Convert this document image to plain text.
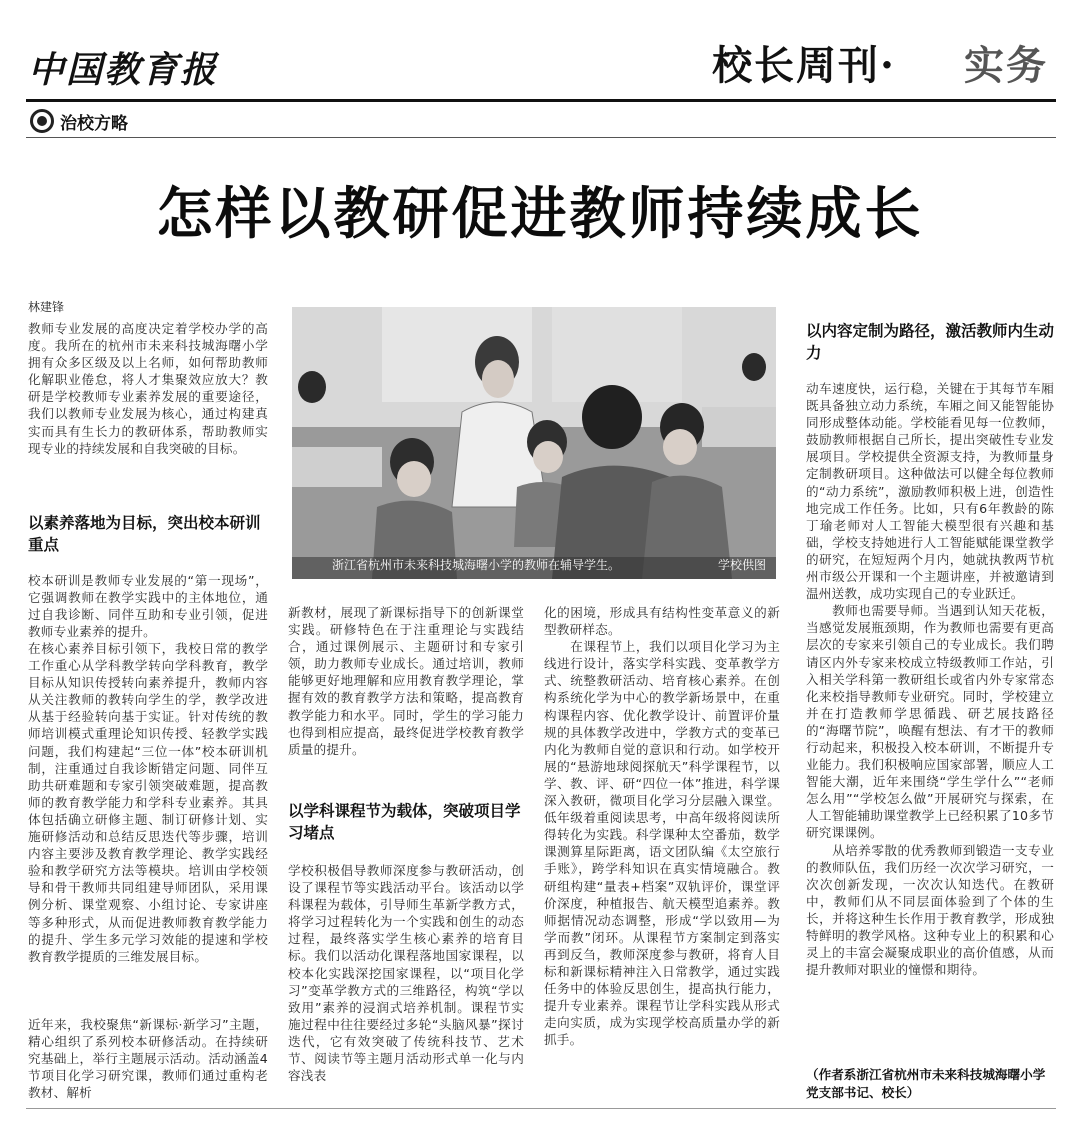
中国教育报	校长周刊· 实务
治校方略
怎样以教研促进教师持续成长
林建锋
浙江省杭州市未来科技城海曙小学的教师在辅导学生。	学校供图
教师专业发展的高度决定着学校办学的高度。我所在的杭州市未来科技城海曙小学拥有众多区级及以上名师，如何帮助教师化解职业倦怠，将人才集聚效应放大？教研是学校教师专业素养发展的重要途径，我们以教师专业发展为核心，通过构建真实而具有生长力的教研体系，帮助教师实现专业的持续发展和自我突破的目标。
以素养落地为目标，突出校本研训重点
校本研训是教师专业发展的“第一现场”，它强调教师在教学实践中的主体地位，通过自我诊断、同伴互助和专业引领，促进教师专业素养的提升。
在核心素养目标引领下，我校日常的教学工作重心从学科教学转向学科教育，教学目标从知识传授转向素养提升，教师内容从关注教师的教转向学生的学，教学改进从基于经验转向基于实证。针对传统的教师培训模式重理论知识传授、轻教学实践问题，我们构建起“三位一体”校本研训机制，注重通过自我诊断错定问题、同伴互助共研难题和专家引领突破难题，提高教师的教育教学能力和学科专业素养。其具体包括确立研修主题、制订研修计划、实施研修活动和总结反思迭代等步骤，培训内容主要涉及教育教学理论、教学实践经验和教学研究方法等模块。培训由学校领导和骨干教师共同组建导师团队，采用课例分析、课堂观察、小组讨论、专家讲座等多种形式，从而促进教师教育教学能力的提升、学生多元学习效能的提速和学校教育教学提质的三维发展目标。
近年来，我校聚焦“新课标·新学习”主题，精心组织了系列校本研修活动。在持续研究基础上，举行主题展示活动。活动涵盖4节项目化学习研究课，教师们通过重构老教材、解析
新教材，展现了新课标指导下的创新课堂实践。研修特色在于注重理论与实践结合，通过课例展示、主题研讨和专家引领，助力教师专业成长。通过培训，教师能够更好地理解和应用教育教学理论，掌握有效的教育教学方法和策略，提高教育教学能力和水平。同时，学生的学习能力也得到相应提高，最终促进学校教育教学质量的提升。
以学科课程节为载体，突破项目学习堵点
学校积极倡导教师深度参与教研活动，创设了课程节等实践活动平台。该活动以学科课程为载体，引导师生革新学教方式，将学习过程转化为一个实践和创生的动态过程，最终落实学生核心素养的培育目标。我们以活动化课程落地国家课程，以校本化实践深挖国家课程，以“项目化学习”变革学教方式的三维路径，构筑“学以致用”素养的浸润式培养机制。课程节实施过程中往往要经过多轮“头脑风暴”探讨迭代，它有效突破了传统科技节、艺术节、阅读节等主题月活动形式单一化与内容浅表
化的困境，形成具有结构性变革意义的新型教研样态。
　　在课程节上，我们以项目化学习为主线进行设计，落实学科实践、变革教学方式、统整教研活动、培育核心素养。在创构系统化学为中心的教学新场景中，在重构课程内容、优化教学设计、前置评价量规的具体教学改进中，学教方式的变革已内化为教师自觉的意识和行动。如学校开展的“悬游地球阅探航天”科学课程节，以学、教、评、研“四位一体”推进，科学课深入教研，微项目化学习分层融入课堂。低年级着重阅读思考，中高年级将阅读所得转化为实践。科学课种太空番茄，数学课测算星际距离，语文团队编《太空旅行手账》，跨学科知识在真实情境融合。教研组构建“量表+档案”双轨评价，课堂评价深度，种植报告、航天模型追素养。教师据情况动态调整，形成“学以致用—为学而教”闭环。从课程节方案制定到落实再到反刍，教师深度参与教研，将育人目标和新课标精神注入日常教学，通过实践任务中的体验反思创生，提高执行能力，提升专业素养。课程节让学科实践从形式走向实质，成为实现学校高质量办学的新抓手。
以内容定制为路径，激活教师内生动力
动车速度快，运行稳，关键在于其每节车厢既具备独立动力系统，车厢之间又能智能协同形成整体动能。学校能看见每一位教师，鼓励教师根据自己所长，提出突破性专业发展项目。学校提供全资源支持，为教师量身定制教研项目。这种做法可以健全每位教师的“动力系统”，激励教师积极上进，创造性地完成工作任务。比如，只有6年教龄的陈丁瑜老师对人工智能大模型很有兴趣和基础，学校支持她进行人工智能赋能课堂教学的研究，在短短两个月内，她就执教两节杭州市级公开课和一个主题讲座，并被邀请到温州送教，成功实现自己的专业跃迁。
　　教师也需要导师。当遇到认知天花板，当感觉发展瓶颈期，作为教师也需要有更高层次的专家来引领自己的专业成长。我们聘请区内外专家来校成立特级教师工作站，引入相关学科第一教研组长或省内外专家常态化来校指导教师专业研究。同时，学校建立并在打造教师学思循践、研艺展技路径的“海曙节院”，唤醒有想法、有才干的教师行动起来，积极投入校本研训，不断提升专业能力。我们积极响应国家部署，顺应人工智能大潮，近年来围绕“学生学什么”“老师怎么用”“学校怎么做”开展研究与探索，在人工智能辅助课堂教学上已经积累了10多节研究课课例。
　　从培养零散的优秀教师到锻造一支专业的教师队伍，我们历经一次次学习研究，一次次创新发现，一次次认知迭代。在教研中，教师们从不同层面体验到了个体的生长，并将这种生长作用于教育教学，形成独特鲜明的教学风格。这种专业上的积累和心灵上的丰富会凝聚成职业的高价值感，从而提升教师对职业的憧憬和期待。
（作者系浙江省杭州市未来科技城海曙小学党支部书记、校长）
